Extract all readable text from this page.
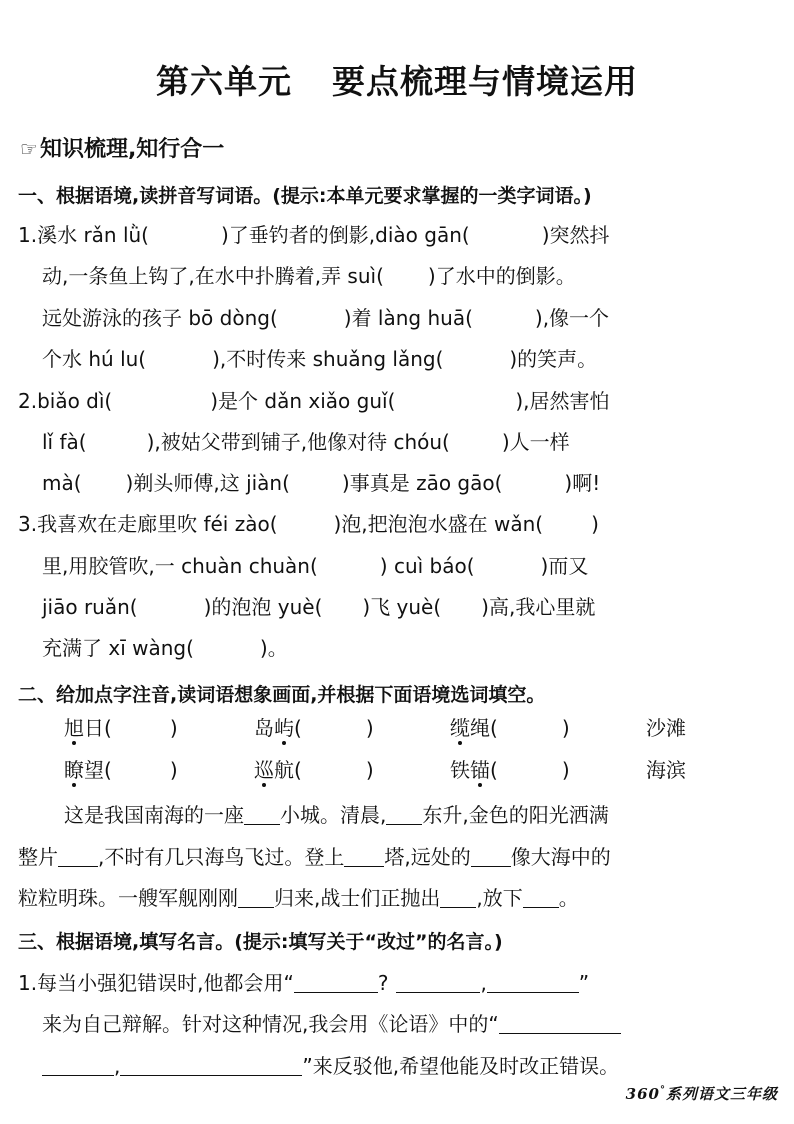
第六单元 要点梳理与情境运用
☞知识梳理,知行合一
一、根据语境,读拼音写词语。(提示:本单元要求掌握的一类字词语。)
1.溪水 rǎn lǜ(	)了垂钓者的倒影,diào gān(	)突然抖
动,一条鱼上钩了,在水中扑腾着,弄 suì( )了水中的倒影。
远处游泳的孩子 bō dòng(	)着 làng huā(	),像一个
个水 hú lu(	),不时传来 shuǎng lǎng(	)的笑声。
2.biǎo dì(	)是个 dǎn xiǎo guǐ(	),居然害怕
lǐ fà(	),被姑父带到铺子,他像对待 chóu(	)人一样
mà( )剃头师傅,这 jiàn(	)事真是 zāo gāo(	)啊!
3.我喜欢在走廊里吹 féi zào(	)泡,把泡泡水盛在 wǎn( )
里,用胶管吹,一 chuàn chuàn(	) cuì báo(	)而又
jiāo ruǎn(	)的泡泡 yuè( )飞 yuè( )高,我心里就
充满了 xī wàng(	)。
二、给加点字注音,读词语想象画面,并根据下面语境选词填空。
旭日(	)	岛屿(	)	缆绳(	)	沙滩
瞭望(	)	巡航(	)	铁锚(	)	海滨
这是我国南海的一座 小城。清晨, 东升,金色的阳光洒满
整片 ,不时有几只海鸟飞过。登上 塔,远处的 像大海中的
粒粒明珠。一艘军舰刚刚 归来,战士们正抛出 ,放下 。
三、根据语境,填写名言。(提示:填写关于“改过”的名言。)
1.每当小强犯错误时,他都会用“	?	,	”
来为自己辩解。针对这种情况,我会用《论语》中的“
,	”来反驳他,希望他能及时改正错误。
360°系列语文三年级
